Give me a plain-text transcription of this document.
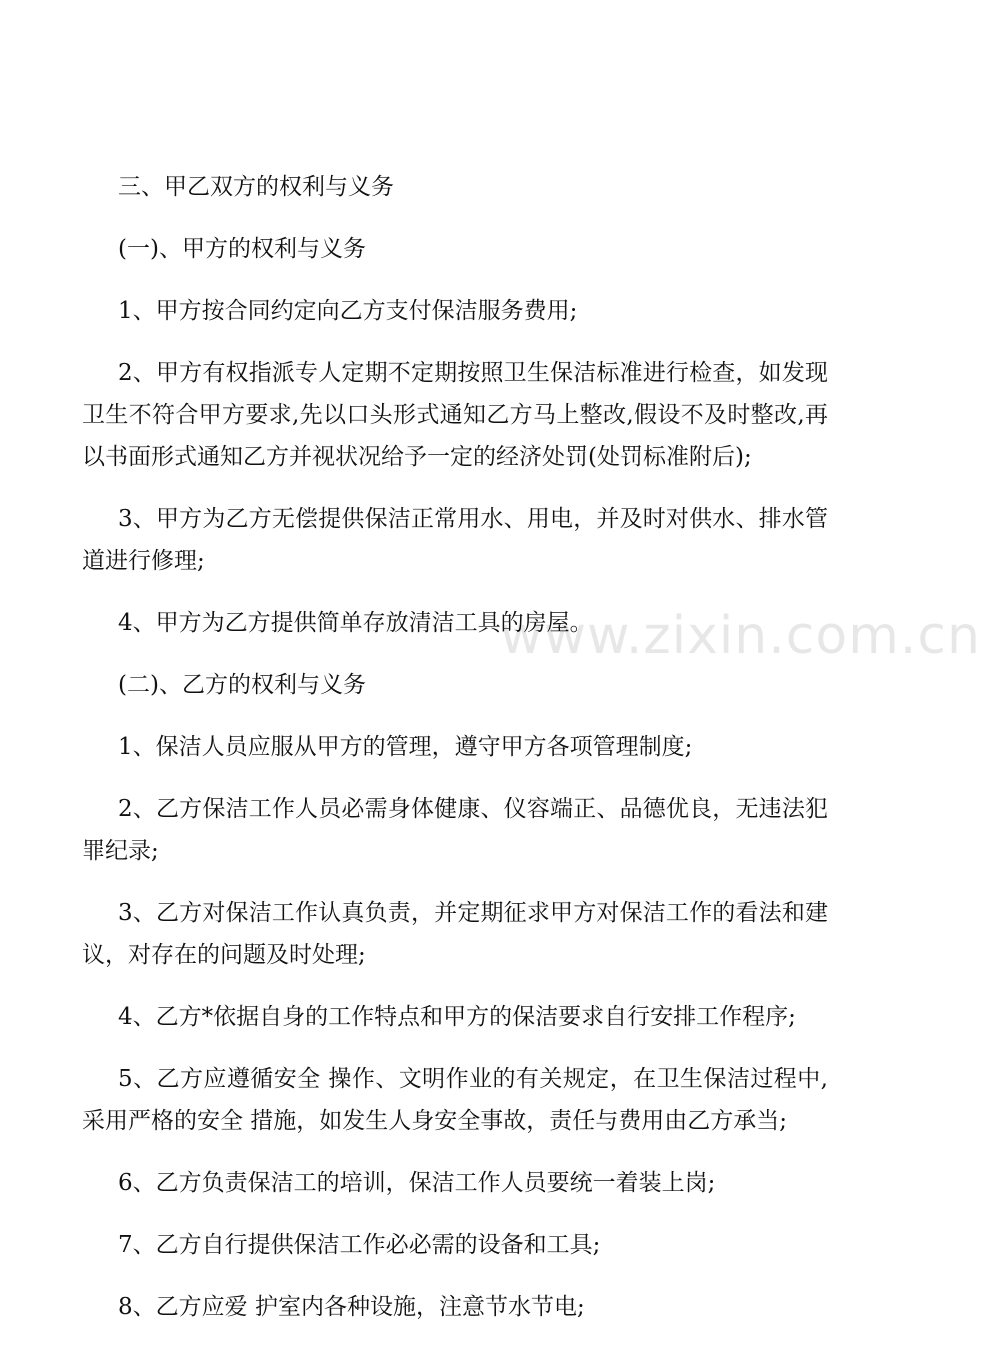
三、甲乙双方的权利与义务

(一)、甲方的权利与义务

1、甲方按合同约定向乙方支付保洁服务费用;

2、甲方有权指派专人定期不定期按照卫生保洁标准进行检查，如发现卫生不符合甲方要求,先以口头形式通知乙方马上整改,假设不及时整改,再以书面形式通知乙方并视状况给予一定的经济处罚(处罚标准附后);

3、甲方为乙方无偿提供保洁正常用水、用电，并及时对供水、排水管道进行修理;

4、甲方为乙方提供简单存放清洁工具的房屋。

(二)、乙方的权利与义务

1、保洁人员应服从甲方的管理，遵守甲方各项管理制度;

2、乙方保洁工作人员必需身体健康、仪容端正、品德优良，无违法犯罪纪录;

3、乙方对保洁工作认真负责，并定期征求甲方对保洁工作的看法和建议，对存在的问题及时处理;

4、乙方*依据自身的工作特点和甲方的保洁要求自行安排工作程序;

5、乙方应遵循安全 操作、文明作业的有关规定，在卫生保洁过程中,采用严格的安全 措施，如发生人身安全事故，责任与费用由乙方承当;

6、乙方负责保洁工的培训，保洁工作人员要统一着装上岗;

7、乙方自行提供保洁工作必必需的设备和工具;

8、乙方应爱 护室内各种设施，注意节水节电;

www.zixin.com.cn
